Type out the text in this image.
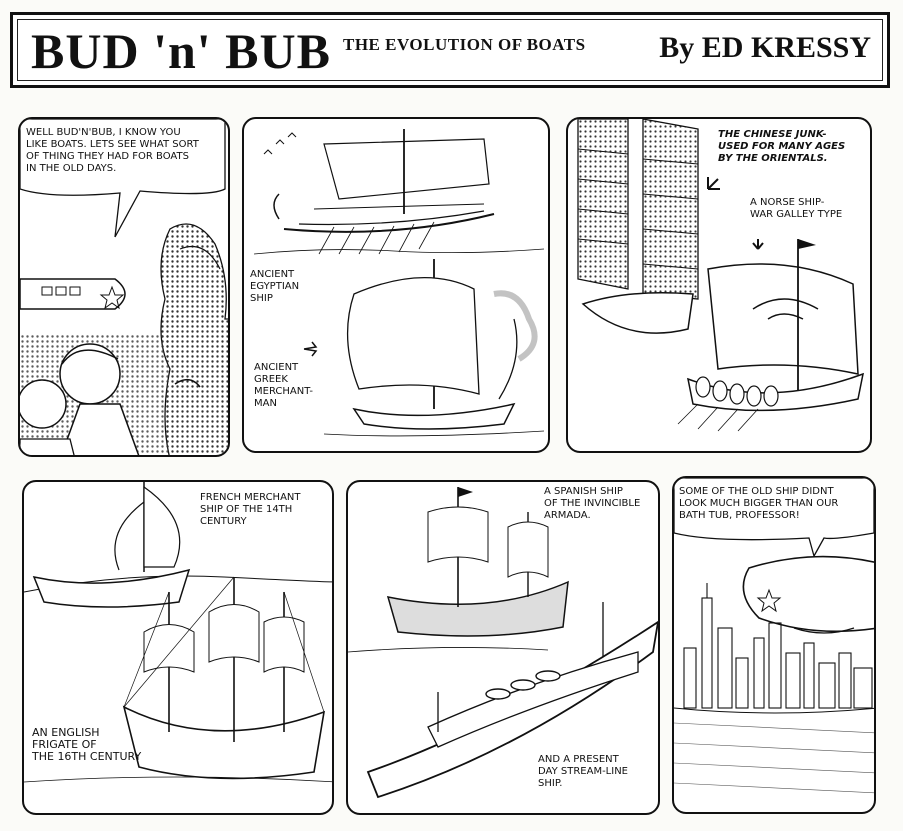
BUD 'n' BUB THE EVOLUTION OF BOATS By ED KRESSY
WELL BUD'N'BUB, I KNOW YOU
LIKE BOATS. LETS SEE WHAT SORT
OF THING THEY HAD FOR BOATS
IN THE OLD DAYS.
ANCIENT
EGYPTIAN
SHIP
ANCIENT
GREEK
MERCHANT-
MAN
THE CHINESE JUNK-
USED FOR MANY AGES
BY THE ORIENTALS.
A NORSE SHIP-
WAR GALLEY TYPE
FRENCH MERCHANT
SHIP OF THE 14TH
CENTURY
AN ENGLISH
FRIGATE OF
THE 16TH CENTURY
A SPANISH SHIP
OF THE INVINCIBLE
ARMADA.
AND A PRESENT
DAY STREAM-LINE
SHIP.
SOME OF THE OLD SHIP DIDNT
LOOK MUCH BIGGER THAN OUR
BATH TUB, PROFESSOR!
